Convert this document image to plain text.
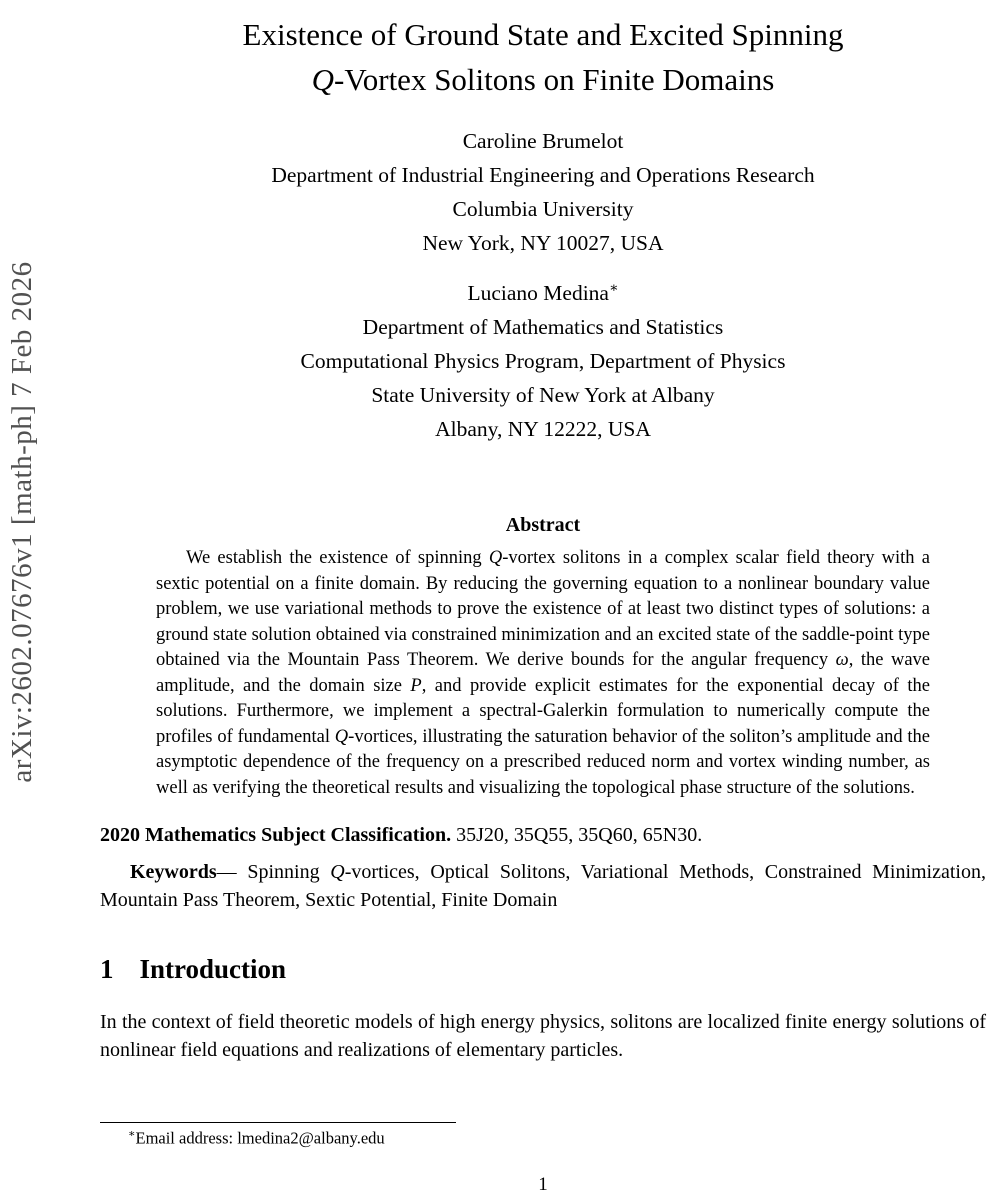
arXiv:2602.07676v1 [math-ph] 7 Feb 2026
Existence of Ground State and Excited Spinning
Q-Vortex Solitons on Finite Domains
Caroline Brumelot
Department of Industrial Engineering and Operations Research
Columbia University
New York, NY 10027, USA
Luciano Medina∗
Department of Mathematics and Statistics
Computational Physics Program, Department of Physics
State University of New York at Albany
Albany, NY 12222, USA
Abstract

We establish the existence of spinning Q-vortex solitons in a complex scalar field theory with a sextic potential on a finite domain. By reducing the governing equation to a nonlinear boundary value problem, we use variational methods to prove the existence of at least two distinct types of solutions: a ground state solution obtained via constrained minimization and an excited state of the saddle-point type obtained via the Mountain Pass Theorem. We derive bounds for the angular frequency ω, the wave amplitude, and the domain size P, and provide explicit estimates for the exponential decay of the solutions. Furthermore, we implement a spectral-Galerkin formulation to numerically compute the profiles of fundamental Q-vortices, illustrating the saturation behavior of the soliton’s amplitude and the asymptotic dependence of the frequency on a prescribed reduced norm and vortex winding number, as well as verifying the theoretical results and visualizing the topological phase structure of the solutions.

2020 Mathematics Subject Classification. 35J20, 35Q55, 35Q60, 65N30.

Keywords— Spinning Q-vortices, Optical Solitons, Variational Methods, Constrained Minimization, Mountain Pass Theorem, Sextic Potential, Finite Domain

1 Introduction

In the context of field theoretic models of high energy physics, solitons are localized finite energy solutions of nonlinear field equations and realizations of elementary particles.

∗Email address: lmedina2@albany.edu
1
